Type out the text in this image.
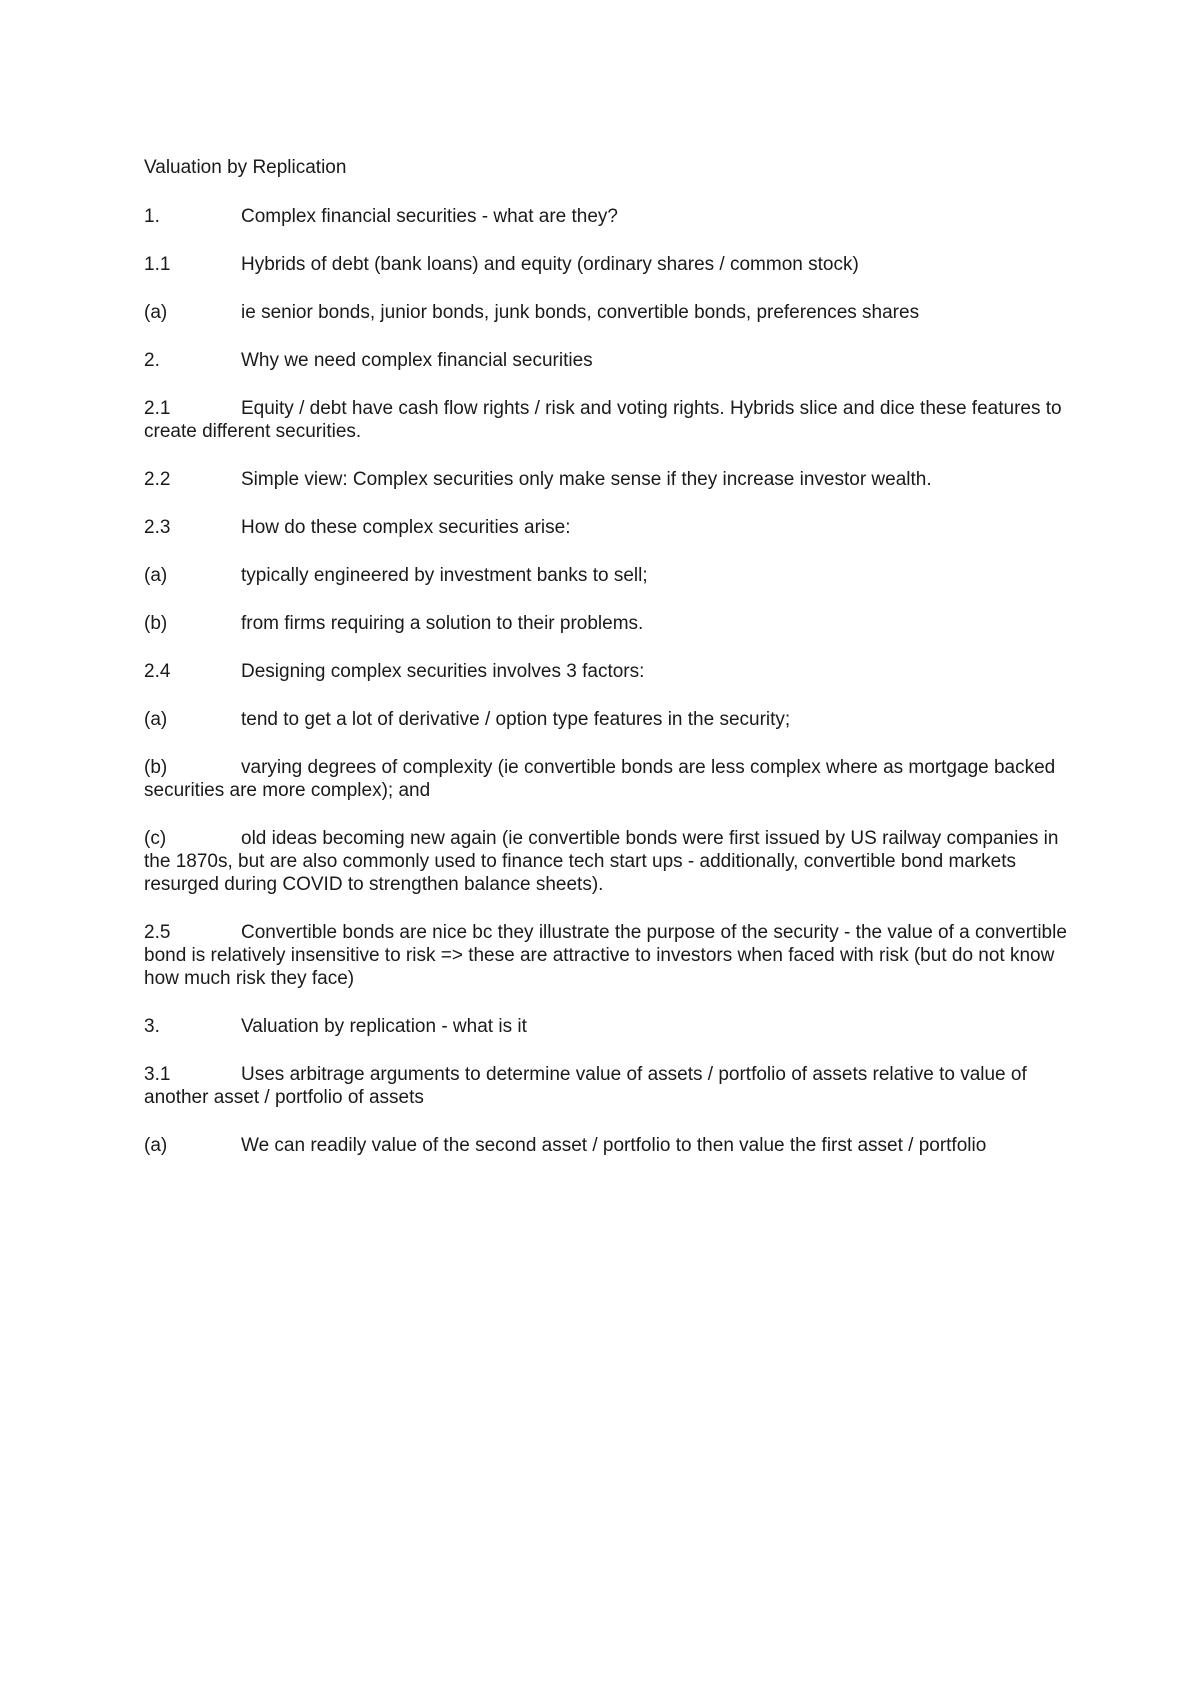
Valuation by Replication

1.	Complex financial securities - what are they?

1.1	Hybrids of debt (bank loans) and equity (ordinary shares / common stock)

(a)	ie senior bonds, junior bonds, junk bonds, convertible bonds, preferences shares

2.	Why we need complex financial securities

2.1	Equity / debt have cash flow rights / risk and voting rights. Hybrids slice and dice these features to create different securities.

2.2	Simple view: Complex securities only make sense if they increase investor wealth.

2.3	How do these complex securities arise:

(a)	typically engineered by investment banks to sell;

(b)	from firms requiring a solution to their problems.

2.4	Designing complex securities involves 3 factors:

(a)	tend to get a lot of derivative / option type features in the security;

(b)	varying degrees of complexity (ie convertible bonds are less complex where as mortgage backed securities are more complex); and

(c)	old ideas becoming new again (ie convertible bonds were first issued by US railway companies in the 1870s, but are also commonly used to finance tech start ups - additionally, convertible bond markets resurged during COVID to strengthen balance sheets).

2.5	Convertible bonds are nice bc they illustrate the purpose of the security - the value of a convertible bond is relatively insensitive to risk => these are attractive to investors when faced with risk (but do not know how much risk they face)

3.	Valuation by replication - what is it

3.1	Uses arbitrage arguments to determine value of assets / portfolio of assets relative to value of another asset / portfolio of assets

(a)	We can readily value of the second asset / portfolio to then value the first asset / portfolio
